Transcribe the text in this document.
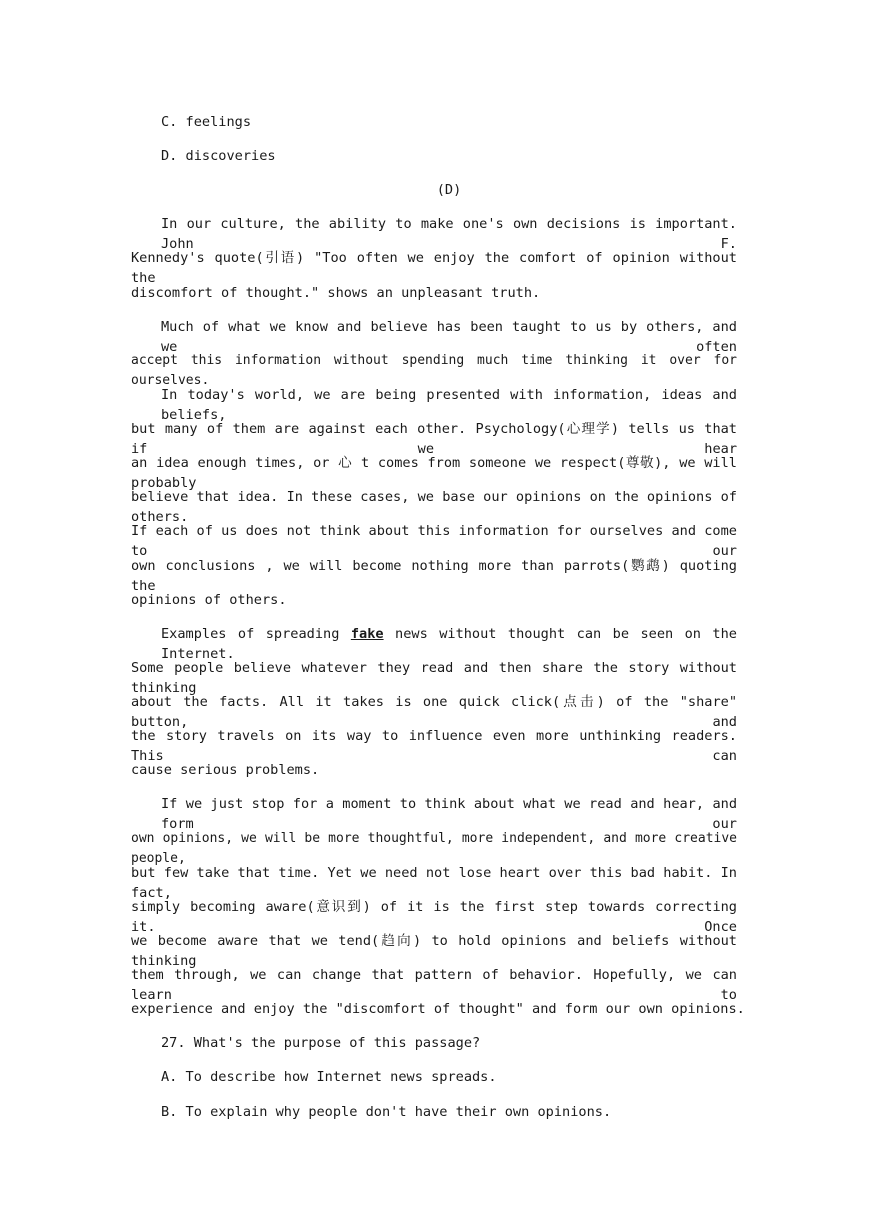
C. feelings
D. discoveries
(D)
In our culture, the ability to make one's own decisions is important. John F.
Kennedy's quote(引语) "Too often we enjoy the comfort of opinion without the
discomfort of thought." shows an unpleasant truth.
Much of what we know and believe has been taught to us by others, and we often
accept this information without spending much time thinking it over for ourselves.
In today's world, we are being presented with information, ideas and beliefs,
but many of them are against each other. Psychology(心理学) tells us that if we hear
an idea enough times, or 心 t comes from someone we respect(尊敬), we will probably
believe that idea. In these cases, we base our opinions on the opinions of others.
If each of us does not think about this information for ourselves and come to our
own conclusions , we will become nothing more than parrots(鹦鹉) quoting the
opinions of others.
Examples of spreading fake news without thought can be seen on the Internet.
Some people believe whatever they read and then share the story without thinking
about the facts. All it takes is one quick click(点击) of the "share" button, and
the story travels on its way to influence even more unthinking readers. This can
cause serious problems.
If we just stop for a moment to think about what we read and hear, and form our
own opinions, we will be more thoughtful, more independent, and more creative people,
but few take that time. Yet we need not lose heart over this bad habit. In fact,
simply becoming aware(意识到) of it is the first step towards correcting it. Once
we become aware that we tend(趋向) to hold opinions and beliefs without thinking
them through, we can change that pattern of behavior. Hopefully, we can learn to
experience and enjoy the "discomfort of thought" and form our own opinions.
27. What's the purpose of this passage?
A. To describe how Internet news spreads.
B. To explain why people don't have their own opinions.
